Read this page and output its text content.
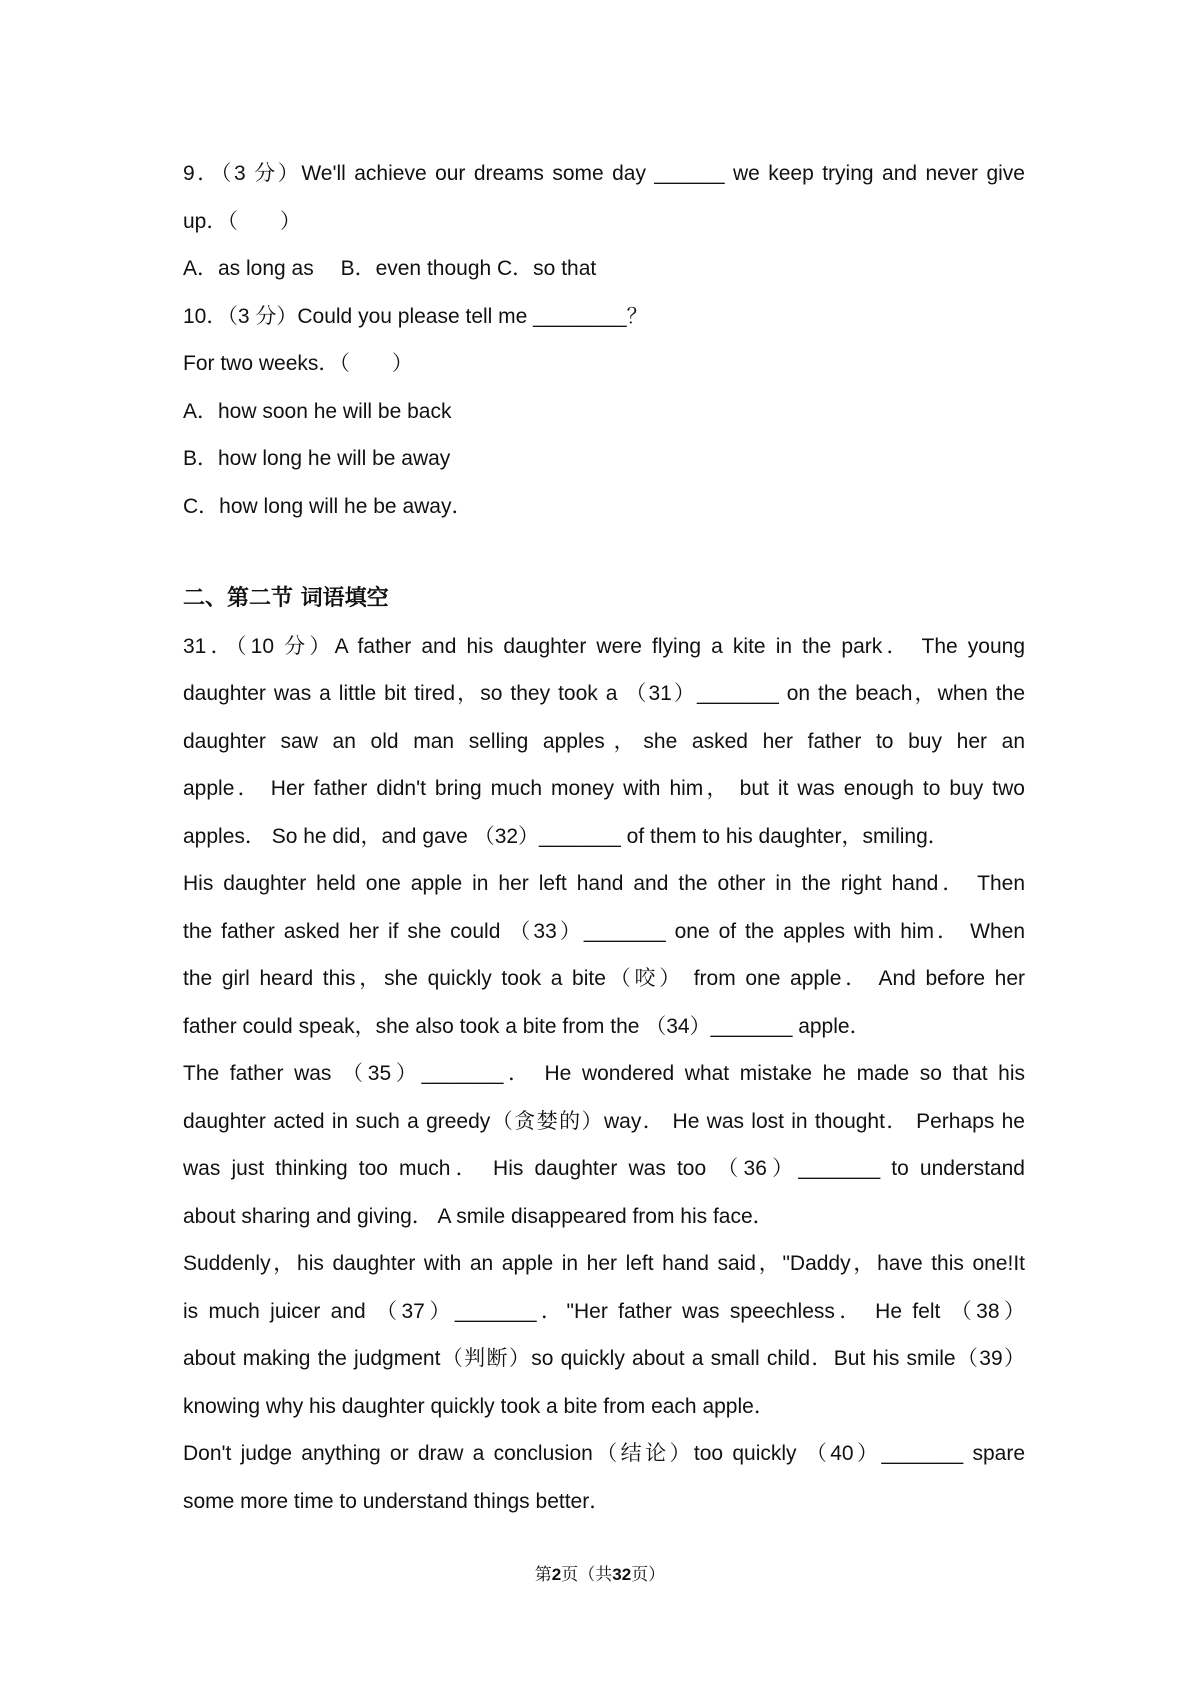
9．（3 分）We'll achieve our dreams some day ______ we keep trying and never give
up．（　　）
A．as long as　 B．even though C．so that
10．（3 分）Could you please tell me ________？
For two weeks．（　　）
A．how soon he will be back
B．how long he will be away
C．how long will he be away．
二、第二节 词语填空
31．（10 分）A father and his daughter were flying a kite in the park． The young
daughter was a little bit tired，so they took a （31）_______ on the beach，when the
daughter saw an old man selling apples，she asked her father to buy her an
apple． Her father didn't bring much money with him， but it was enough to buy two
apples． So he did，and gave （32）_______ of them to his daughter，smiling．
His daughter held one apple in her left hand and the other in the right hand． Then
the father asked her if she could （33）_______ one of the apples with him． When
the girl heard this，she quickly took a bite（咬） from one apple． And before her
father could speak，she also took a bite from the （34）_______ apple．
The father was （35）_______． He wondered what mistake he made so that his
daughter acted in such a greedy（贪婪的）way． He was lost in thought． Perhaps he
was just thinking too much． His daughter was too （36）_______ to understand
about sharing and giving． A smile disappeared from his face．
Suddenly，his daughter with an apple in her left hand said，"Daddy，have this one!It
is much juicer and （37）_______．"Her father was speechless． He felt （38）
about making the judgment（判断）so quickly about a small child．But his smile（39）
knowing why his daughter quickly took a bite from each apple．
Don't judge anything or draw a conclusion（结论）too quickly （40）_______ spare
some more time to understand things better．
第2页（共32页）
